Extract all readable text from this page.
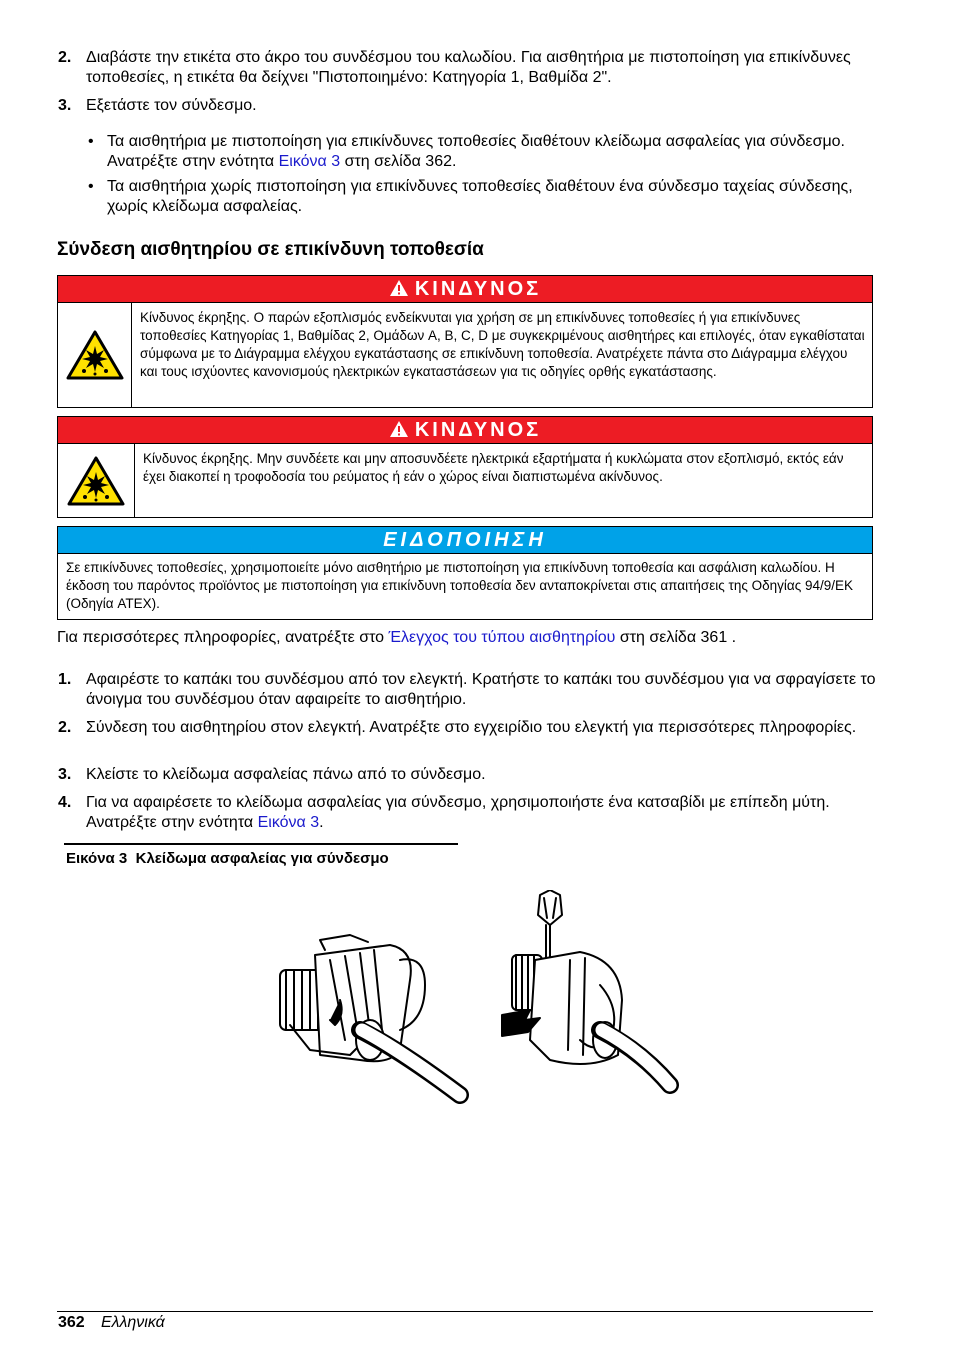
2. Διαβάστε την ετικέτα στο άκρο του συνδέσμου του καλωδίου. Για αισθητήρια με πιστοποίηση για επικίνδυνες τοποθεσίες, η ετικέτα θα δείχνει "Πιστοποιημένο: Κατηγορία 1, Βαθμίδα 2".
3. Εξετάστε τον σύνδεσμο.
• Τα αισθητήρια με πιστοποίηση για επικίνδυνες τοποθεσίες διαθέτουν κλείδωμα ασφαλείας για σύνδεσμο. Ανατρέξτε στην ενότητα Εικόνα 3 στη σελίδα 362.
• Τα αισθητήρια χωρίς πιστοποίηση για επικίνδυνες τοποθεσίες διαθέτουν ένα σύνδεσμο ταχείας σύνδεσης, χωρίς κλείδωμα ασφαλείας.
Σύνδεση αισθητηρίου σε επικίνδυνη τοποθεσία
ΚΙΝΔΥΝΟΣ
Κίνδυνος έκρηξης. Ο παρών εξοπλισμός ενδείκνυται για χρήση σε μη επικίνδυνες τοποθεσίες ή για επικίνδυνες τοποθεσίες Κατηγορίας 1, Βαθμίδας 2, Ομάδων A, B, C, D με συγκεκριμένους αισθητήρες και επιλογές, όταν εγκαθίσταται σύμφωνα με το Διάγραμμα ελέγχου εγκατάστασης σε επικίνδυνη τοποθεσία. Ανατρέχετε πάντα στο Διάγραμμα ελέγχου και τους ισχύοντες κανονισμούς ηλεκτρικών εγκαταστάσεων για τις οδηγίες ορθής εγκατάστασης.
ΚΙΝΔΥΝΟΣ
Κίνδυνος έκρηξης. Μην συνδέετε και μην αποσυνδέετε ηλεκτρικά εξαρτήματα ή κυκλώματα στον εξοπλισμό, εκτός εάν έχει διακοπεί η τροφοδοσία του ρεύματος ή εάν ο χώρος είναι διαπιστωμένα ακίνδυνος.
ΕΙΔΟΠΟΙΗΣΗ
Σε επικίνδυνες τοποθεσίες, χρησιμοποιείτε μόνο αισθητήριο με πιστοποίηση για επικίνδυνη τοποθεσία και ασφάλιση καλωδίου. Η έκδοση του παρόντος προϊόντος με πιστοποίηση για επικίνδυνη τοποθεσία δεν ανταποκρίνεται στις απαιτήσεις της Οδηγίας 94/9/ΕΚ (Οδηγία ATEX).
Για περισσότερες πληροφορίες, ανατρέξτε στο Έλεγχος του τύπου αισθητηρίου στη σελίδα 361 .
1. Αφαιρέστε το καπάκι του συνδέσμου από τον ελεγκτή. Κρατήστε το καπάκι του συνδέσμου για να σφραγίσετε το άνοιγμα του συνδέσμου όταν αφαιρείτε το αισθητήριο.
2. Σύνδεση του αισθητηρίου στον ελεγκτή. Ανατρέξτε στο εγχειρίδιο του ελεγκτή για περισσότερες πληροφορίες.
3. Κλείστε το κλείδωμα ασφαλείας πάνω από το σύνδεσμο.
4. Για να αφαιρέσετε το κλείδωμα ασφαλείας για σύνδεσμο, χρησιμοποιήστε ένα κατσαβίδι με επίπεδη μύτη. Ανατρέξτε στην ενότητα Εικόνα 3.
Εικόνα 3  Κλείδωμα ασφαλείας για σύνδεσμο
362 Ελληνικά
